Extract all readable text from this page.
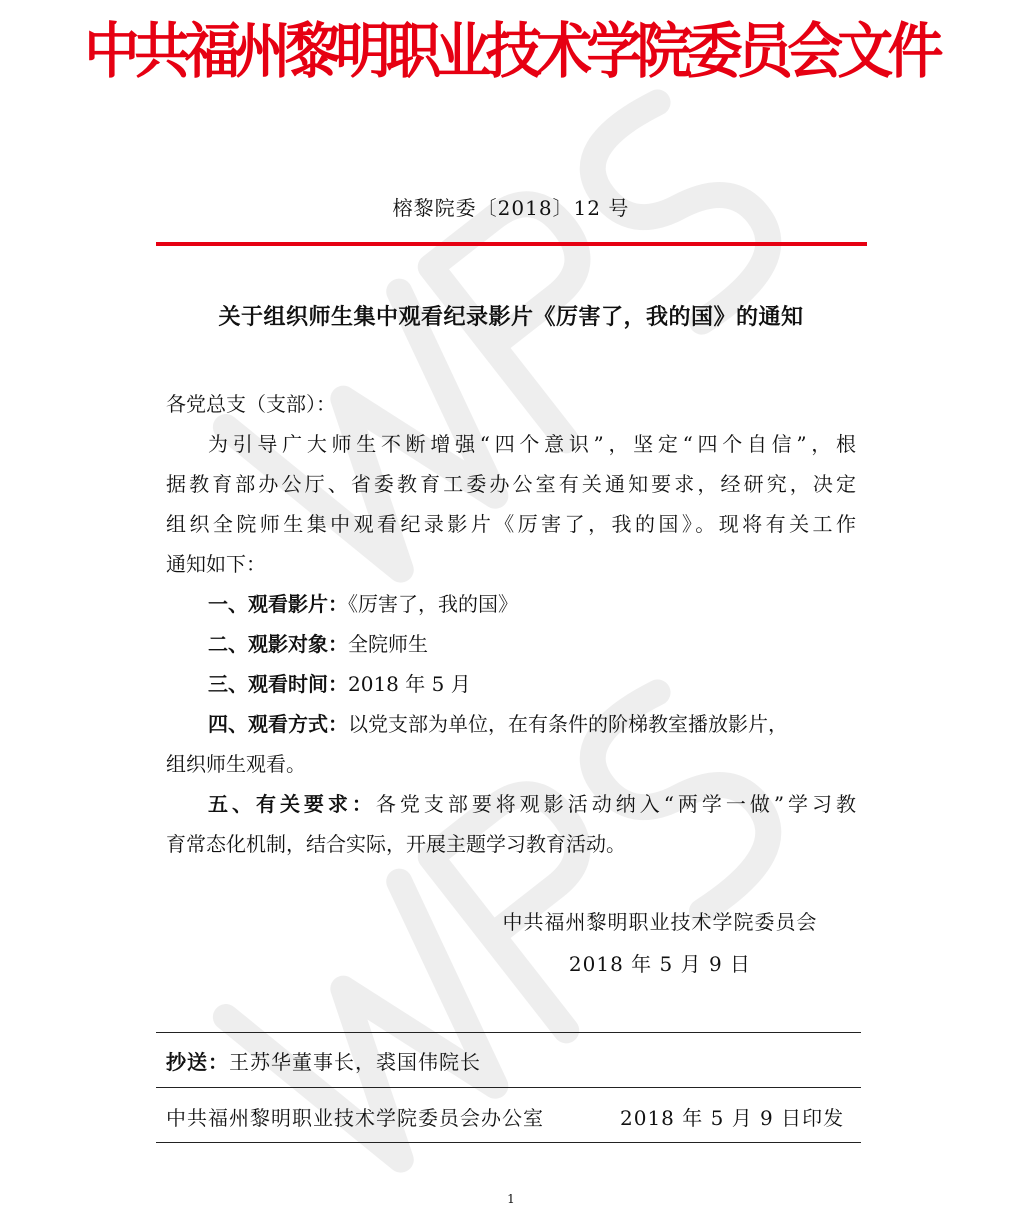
中共福州黎明职业技术学院委员会文件
榕黎院委〔2018〕12 号
关于组织师生集中观看纪录影片《厉害了，我的国》的通知
各党总支（支部）：
为引导广大师生不断增强“四个意识”，坚定“四个自信”，根
据教育部办公厅、省委教育工委办公室有关通知要求，经研究，决定
组织全院师生集中观看纪录影片《厉害了，我的国》。现将有关工作
通知如下：
一、观看影片：《厉害了，我的国》
二、观影对象：全院师生
三、观看时间：2018 年 5 月
四、观看方式：以党支部为单位，在有条件的阶梯教室播放影片，
组织师生观看。
五、有关要求：各党支部要将观影活动纳入“两学一做”学习教
育常态化机制，结合实际，开展主题学习教育活动。
中共福州黎明职业技术学院委员会
2018 年 5 月 9 日
抄送：王苏华董事长，裘国伟院长
中共福州黎明职业技术学院委员会办公室	2018 年 5 月 9 日印发
1
